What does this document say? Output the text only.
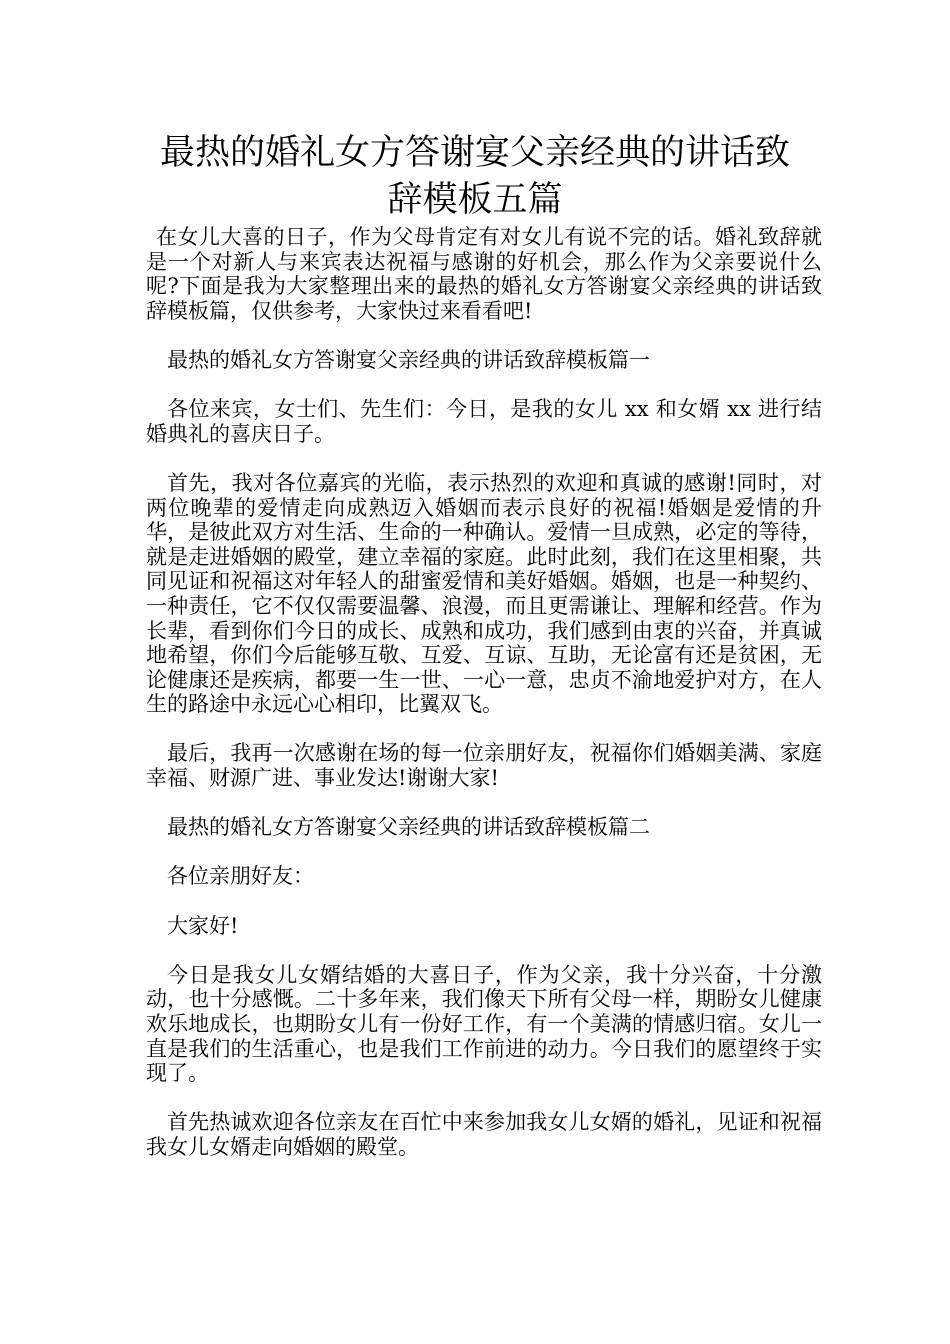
最热的婚礼女方答谢宴父亲经典的讲话致
辞模板五篇

在女儿大喜的日子，作为父母肯定有对女儿有说不完的话。婚礼致辞就是一个对新人与来宾表达祝福与感谢的好机会，那么作为父亲要说什么呢?下面是我为大家整理出来的最热的婚礼女方答谢宴父亲经典的讲话致辞模板篇，仅供参考，大家快过来看看吧!

最热的婚礼女方答谢宴父亲经典的讲话致辞模板篇一

各位来宾，女士们、先生们：今日，是我的女儿 xx 和女婿 xx 进行结婚典礼的喜庆日子。

首先，我对各位嘉宾的光临，表示热烈的欢迎和真诚的感谢!同时，对两位晚辈的爱情走向成熟迈入婚姻而表示良好的祝福!婚姻是爱情的升华，是彼此双方对生活、生命的一种确认。爱情一旦成熟，必定的等待，就是走进婚姻的殿堂，建立幸福的家庭。此时此刻，我们在这里相聚，共同见证和祝福这对年轻人的甜蜜爱情和美好婚姻。婚姻，也是一种契约、一种责任，它不仅仅需要温馨、浪漫，而且更需谦让、理解和经营。作为长辈，看到你们今日的成长、成熟和成功，我们感到由衷的兴奋，并真诚地希望，你们今后能够互敬、互爱、互谅、互助，无论富有还是贫困，无论健康还是疾病，都要一生一世、一心一意，忠贞不渝地爱护对方，在人生的路途中永远心心相印，比翼双飞。

最后，我再一次感谢在场的每一位亲朋好友，祝福你们婚姻美满、家庭幸福、财源广进、事业发达!谢谢大家!

最热的婚礼女方答谢宴父亲经典的讲话致辞模板篇二

各位亲朋好友：

大家好!

今日是我女儿女婿结婚的大喜日子，作为父亲，我十分兴奋，十分激动，也十分感慨。二十多年来，我们像天下所有父母一样，期盼女儿健康欢乐地成长，也期盼女儿有一份好工作，有一个美满的情感归宿。女儿一直是我们的生活重心，也是我们工作前进的动力。今日我们的愿望终于实现了。

首先热诚欢迎各位亲友在百忙中来参加我女儿女婿的婚礼，见证和祝福我女儿女婿走向婚姻的殿堂。
